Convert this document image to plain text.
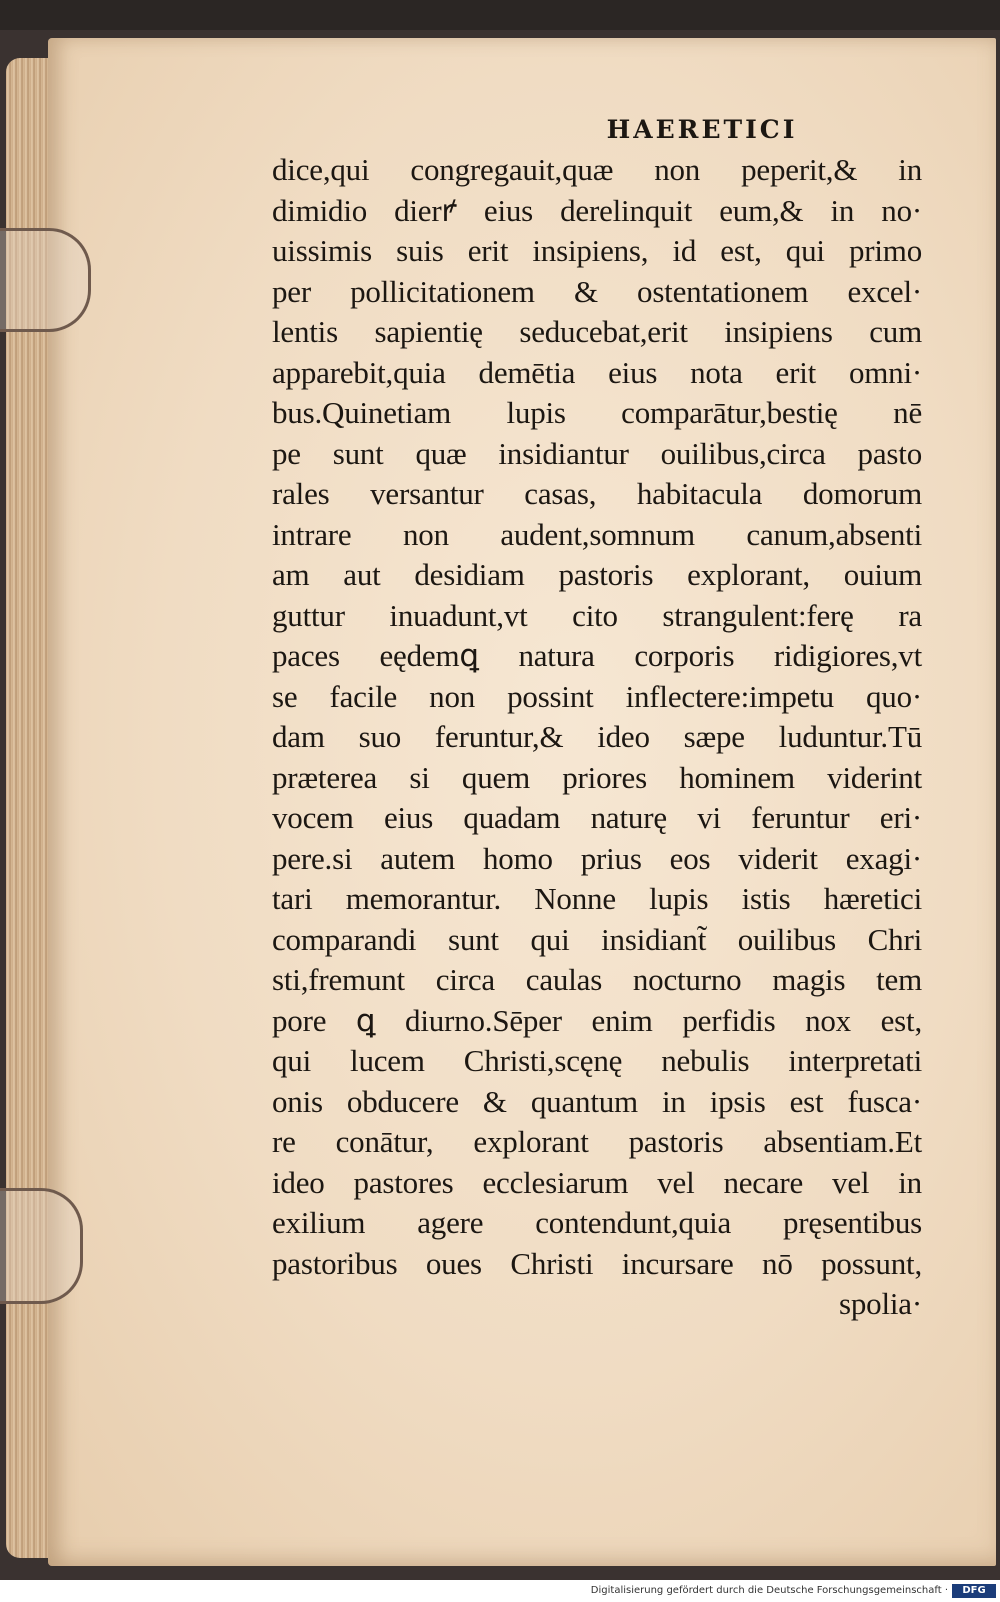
HAERETICI
dice,qui congregauit,quæ non peperit,& in
dimidio dierꝵ eius derelinquit eum,& in no·
uissimis suis erit insipiens, id est, qui primo
per pollicitationem & ostentationem excel·
lentis sapientię seducebat,erit insipiens cum
apparebit,quia demētia eius nota erit omni·
bus.Quinetiam lupis comparātur,bestię nē
pe sunt quæ insidiantur ouilibus,circa pasto
rales versantur casas, habitacula domorum
intrare non audent,somnum canum,absenti
am aut desidiam pastoris explorant, ouium
guttur inuadunt,vt cito strangulent:ferę ra
paces eędemꝗ natura corporis ridigiores,vt
se facile non possint inflectere:impetu quo·
dam suo feruntur,& ideo sæpe luduntur.Tū
præterea si quem priores hominem viderint
vocem eius quadam naturę vi feruntur eri·
pere.si autem homo prius eos viderit exagi·
tari memorantur. Nonne lupis istis hæretici
comparandi sunt qui insidiant̃ ouilibus Chri
sti,fremunt circa caulas nocturno magis tem
pore ꝗ diurno.Sēper enim perfidis nox est,
qui lucem Christi,scęnę nebulis interpretati
onis obducere & quantum in ipsis est fusca·
re conātur, explorant pastoris absentiam.Et
ideo pastores ecclesiarum vel necare vel in
exilium agere contendunt,quia pręsentibus
pastoribus oues Christi incursare nō possunt,
spolia·
Digitalisierung gefördert durch die Deutsche Forschungsgemeinschaft ·	DFG
